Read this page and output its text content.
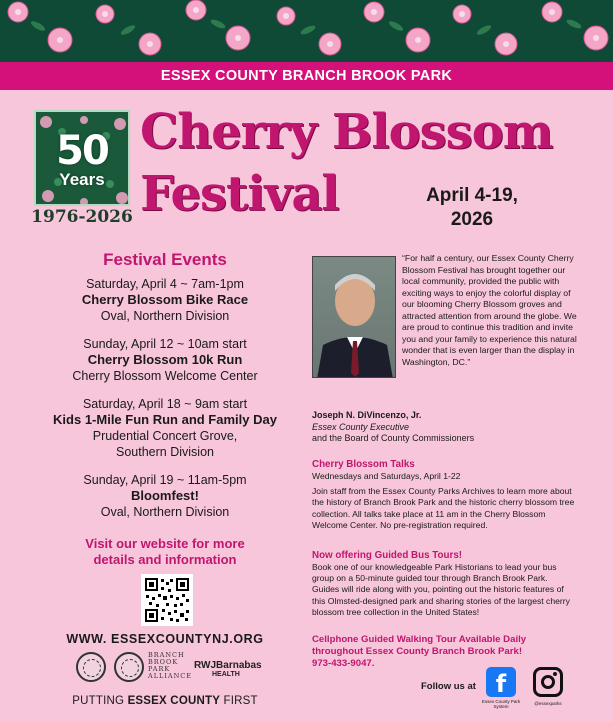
ESSEX COUNTY BRANCH BROOK PARK
50
Years
1976-2026
Cherry Blossom
Festival	April 4-19,
2026
Festival Events
Saturday, April 4 ~ 7am-1pm
Cherry Blossom Bike Race
Oval, Northern Division
Sunday, April 12 ~ 10am start
Cherry Blossom 10k Run
Cherry Blossom Welcome Center
Saturday, April 18 ~ 9am start
Kids 1-Mile Fun Run and Family Day
Prudential Concert Grove,
Southern Division
Sunday, April 19 ~ 11am-5pm
Bloomfest!
Oval, Northern Division
Visit our website for more
details and information
WWW. ESSEXCOUNTYNJ.ORG
BRANCH
BROOK
PARK
ALLIANCE
RWJBarnabas
HEALTH
PUTTING ESSEX COUNTY FIRST
“For half a century, our Essex County Cherry Blossom Festival has brought together our local community, provided the public with exciting ways to enjoy the colorful display of our blooming Cherry Blossom groves and attracted attention from around the globe. We are proud to continue this tradition and invite you and your family to experience this natural wonder that is even larger than the display in Washington, DC.”
Joseph N. DiVincenzo, Jr.
Essex County Executive
and the Board of County Commissioners
Cherry Blossom Talks
Wednesdays and Saturdays, April 1-22
Join staff from the Essex County Parks Archives to learn more about the history of Branch Brook Park and the historic cherry blossom tree collection. All talks take place at 11 am in the Cherry Blossom Welcome Center. No pre-registration required.
Now offering Guided Bus Tours!
Book one of our knowledgeable Park Historians to lead your bus group on a 50-minute guided tour through Branch Brook Park. Guides will ride along with you, pointing out the historic features of this Olmsted-designed park and sharing stories of the largest cherry blossom tree collection in the United States!
Cellphone Guided Walking Tour Available Daily
throughout Essex County Branch Brook Park!
973-433-9047.
Follow us at f
Essex County Park System
@essexparks
